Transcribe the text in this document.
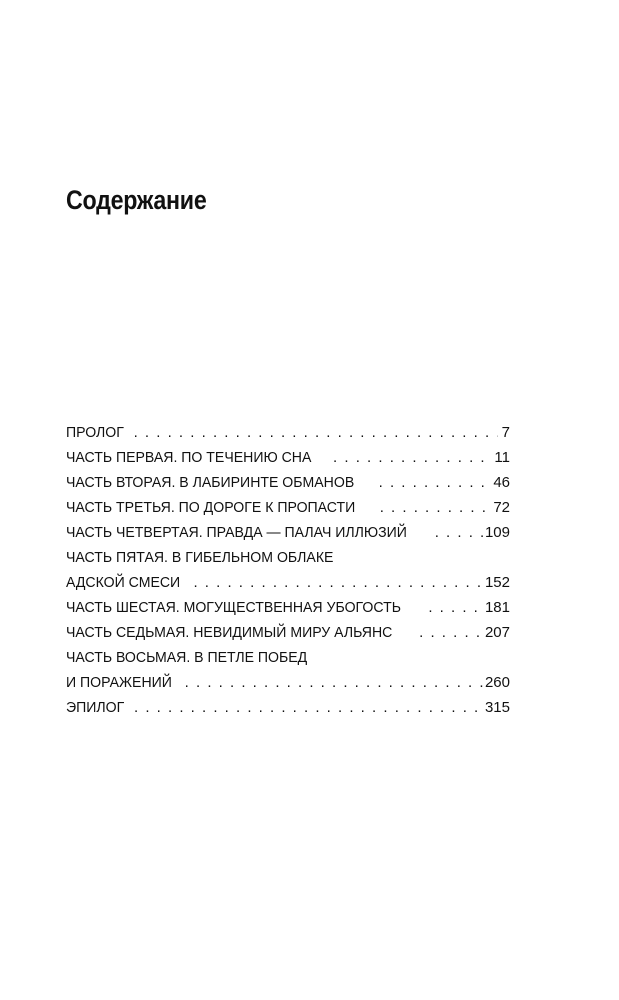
Содержание
ПРОЛОГ . . .	7
ЧАСТЬ ПЕРВАЯ. ПО ТЕЧЕНИЮ СНА . . .	11
ЧАСТЬ ВТОРАЯ. В ЛАБИРИНТЕ ОБМАНОВ . . .	46
ЧАСТЬ ТРЕТЬЯ. ПО ДОРОГЕ К ПРОПАСТИ . . .	72
ЧАСТЬ ЧЕТВЕРТАЯ. ПРАВДА — ПАЛАЧ ИЛЛЮЗИЙ . . .	109
ЧАСТЬ ПЯТАЯ. В ГИБЕЛЬНОМ ОБЛАКЕ
АДСКОЙ СМЕСИ . . .	152
ЧАСТЬ ШЕСТАЯ. МОГУЩЕСТВЕННАЯ УБОГОСТЬ . . .	181
ЧАСТЬ СЕДЬМАЯ. НЕВИДИМЫЙ МИРУ АЛЬЯНС . . .	207
ЧАСТЬ ВОСЬМАЯ. В ПЕТЛЕ ПОБЕД
И ПОРАЖЕНИЙ . . .	260
ЭПИЛОГ . . .	315
